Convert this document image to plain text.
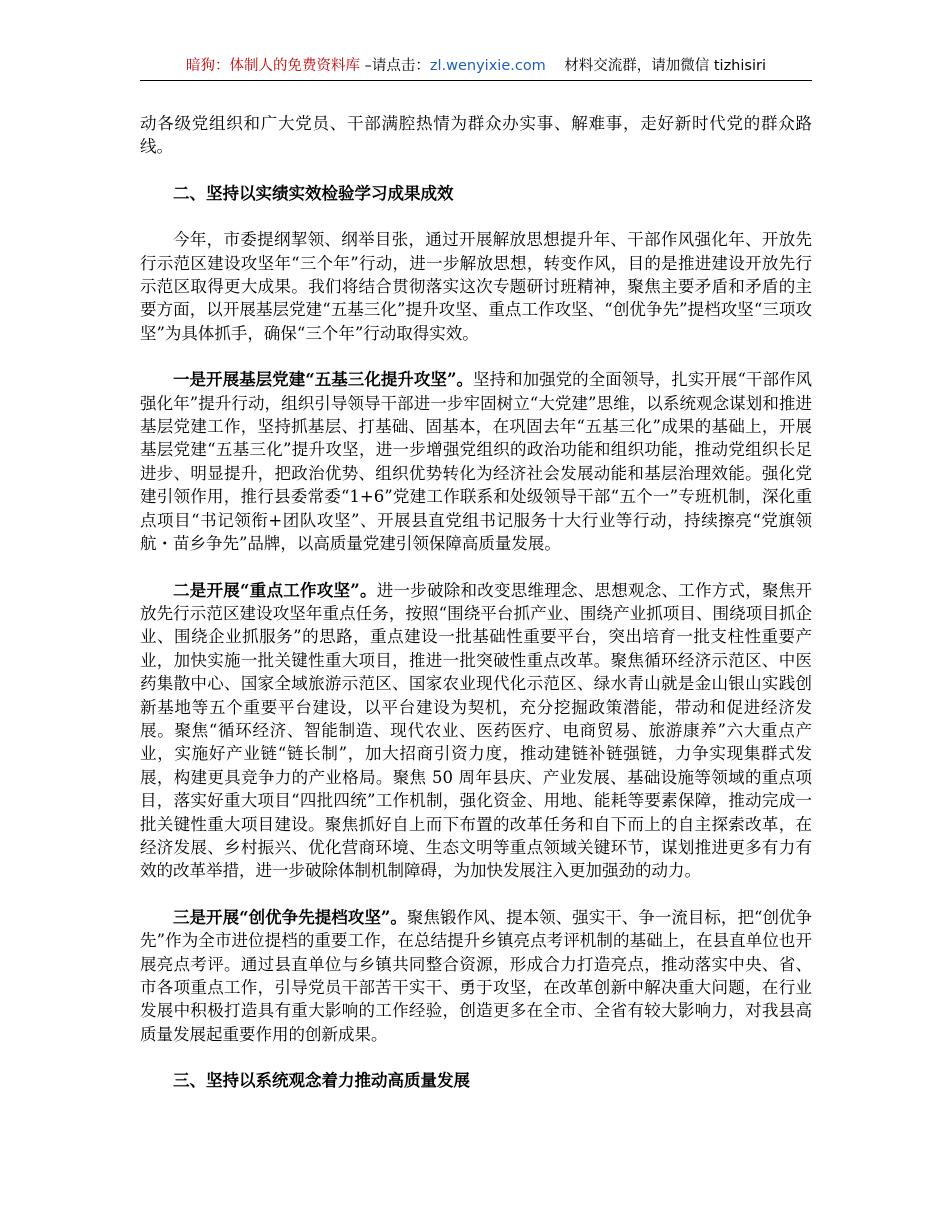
暗狗：体制人的免费资料库 –请点击：zl.wenyixie.com 材料交流群，请加微信 tizhisiri

动各级党组织和广大党员、干部满腔热情为群众办实事、解难事，走好新时代党的群众路线。

二、坚持以实绩实效检验学习成果成效

今年，市委提纲挈领、纲举目张，通过开展解放思想提升年、干部作风强化年、开放先行示范区建设攻坚年“三个年”行动，进一步解放思想，转变作风，目的是推进建设开放先行示范区取得更大成果。我们将结合贯彻落实这次专题研讨班精神，聚焦主要矛盾和矛盾的主要方面，以开展基层党建“五基三化”提升攻坚、重点工作攻坚、“创优争先”提档攻坚“三项攻坚”为具体抓手，确保“三个年”行动取得实效。

一是开展基层党建“五基三化提升攻坚”。坚持和加强党的全面领导，扎实开展“干部作风强化年”提升行动，组织引导领导干部进一步牢固树立“大党建”思维，以系统观念谋划和推进基层党建工作，坚持抓基层、打基础、固基本，在巩固去年“五基三化”成果的基础上，开展基层党建“五基三化”提升攻坚，进一步增强党组织的政治功能和组织功能，推动党组织长足进步、明显提升，把政治优势、组织优势转化为经济社会发展动能和基层治理效能。强化党建引领作用，推行县委常委“1+6”党建工作联系和处级领导干部“五个一”专班机制，深化重点项目“书记领衔+团队攻坚”、开展县直党组书记服务十大行业等行动，持续擦亮“党旗领航・苗乡争先”品牌，以高质量党建引领保障高质量发展。

二是开展“重点工作攻坚”。进一步破除和改变思维理念、思想观念、工作方式，聚焦开放先行示范区建设攻坚年重点任务，按照“围绕平台抓产业、围绕产业抓项目、围绕项目抓企业、围绕企业抓服务”的思路，重点建设一批基础性重要平台，突出培育一批支柱性重要产业，加快实施一批关键性重大项目，推进一批突破性重点改革。聚焦循环经济示范区、中医药集散中心、国家全域旅游示范区、国家农业现代化示范区、绿水青山就是金山银山实践创新基地等五个重要平台建设，以平台建设为契机，充分挖掘政策潜能，带动和促进经济发展。聚焦“循环经济、智能制造、现代农业、医药医疗、电商贸易、旅游康养”六大重点产业，实施好产业链“链长制”，加大招商引资力度，推动建链补链强链，力争实现集群式发展，构建更具竞争力的产业格局。聚焦 50 周年县庆、产业发展、基础设施等领域的重点项目，落实好重大项目“四批四统”工作机制，强化资金、用地、能耗等要素保障，推动完成一批关键性重大项目建设。聚焦抓好自上而下布置的改革任务和自下而上的自主探索改革，在经济发展、乡村振兴、优化营商环境、生态文明等重点领域关键环节，谋划推进更多有力有效的改革举措，进一步破除体制机制障碍，为加快发展注入更加强劲的动力。

三是开展“创优争先提档攻坚”。聚焦锻作风、提本领、强实干、争一流目标，把“创优争先”作为全市进位提档的重要工作，在总结提升乡镇亮点考评机制的基础上，在县直单位也开展亮点考评。通过县直单位与乡镇共同整合资源，形成合力打造亮点，推动落实中央、省、市各项重点工作，引导党员干部苦干实干、勇于攻坚，在改革创新中解决重大问题，在行业发展中积极打造具有重大影响的工作经验，创造更多在全市、全省有较大影响力，对我县高质量发展起重要作用的创新成果。

三、坚持以系统观念着力推动高质量发展
